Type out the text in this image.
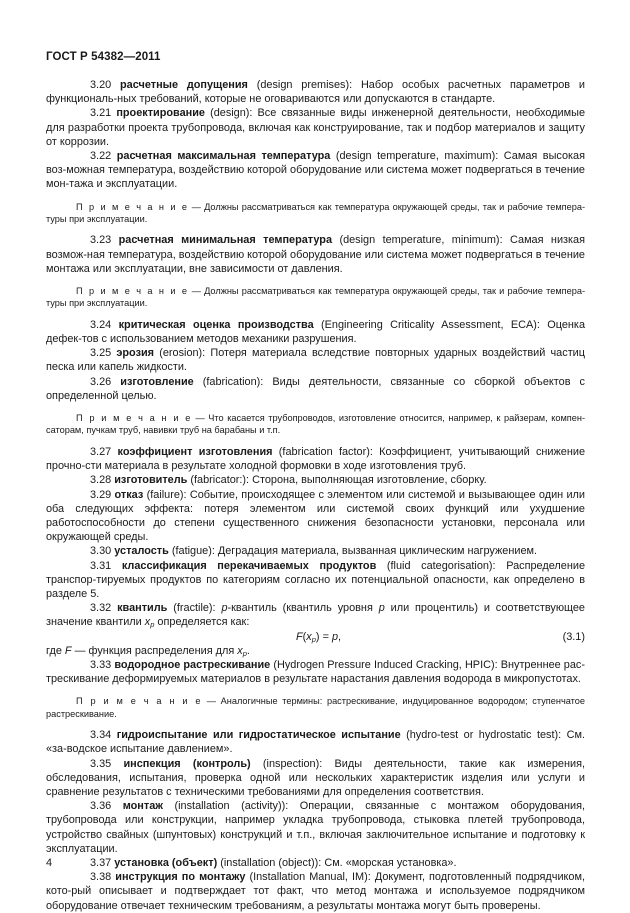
ГОСТ Р 54382—2011

3.20 расчетные допущения (design premises): Набор особых расчетных параметров и функциональ-ных требований, которые не оговариваются или допускаются в стандарте.

3.21 проектирование (design): Все связанные виды инженерной деятельности, необходимые для разработки проекта трубопровода, включая как конструирование, так и подбор материалов и защиту от коррозии.

3.22 расчетная максимальная температура (design temperature, maximum): Самая высокая воз-можная температура, воздействию которой оборудование или система может подвергаться в течение мон-тажа и эксплуатации.

П р и м е ч а н и е — Должны рассматриваться как температура окружающей среды, так и рабочие темпера-туры при эксплуатации.

3.23 расчетная минимальная температура (design temperature, minimum): Самая низкая возмож-ная температура, воздействию которой оборудование или система может подвергаться в течение монтажа или эксплуатации, вне зависимости от давления.

П р и м е ч а н и е — Должны рассматриваться как температура окружающей среды, так и рабочие темпера-туры при эксплуатации.

3.24 критическая оценка производства (Engineering Criticality Assessment, ECA): Оценка дефек-тов с использованием методов механики разрушения.

3.25 эрозия (erosion): Потеря материала вследствие повторных ударных воздействий частиц песка или капель жидкости.

3.26 изготовление (fabrication): Виды деятельности, связанные со сборкой объектов с определенной целью.

П р и м е ч а н и е — Что касается трубопроводов, изготовление относится, например, к райзерам, компен-саторам, пучкам труб, навивки труб на барабаны и т.п.

3.27 коэффициент изготовления (fabrication factor): Коэффициент, учитывающий снижение прочно-сти материала в результате холодной формовки в ходе изготовления труб.

3.28 изготовитель (fabricator:): Сторона, выполняющая изготовление, сборку.

3.29 отказ (failure): Событие, происходящее с элементом или системой и вызывающее один или оба следующих эффекта: потеря элементом или системой своих функций или ухудшение работоспособности до степени существенного снижения безопасности установки, персонала или окружающей среды.

3.30 усталость (fatigue): Деградация материала, вызванная циклическим нагружением.

3.31 классификация перекачиваемых продуктов (fluid categorisation): Распределение транспор-тируемых продуктов по категориям согласно их потенциальной опасности, как определено в разделе 5.

3.32 квантиль (fractile): p-квантиль (квантиль уровня p или процентиль) и соответствующее значение квантили $x_p$ определяется как:

$F(x_p) = p$,	(3.1)

где F — функция распределения для $x_p$.

3.33 водородное растрескивание (Hydrogen Pressure Induced Cracking, HPIC): Внутреннее рас-трескивание деформируемых материалов в результате нарастания давления водорода в микропустотах.

П р и м е ч а н и е — Аналогичные термины: растрескивание, индуцированное водородом; ступенчатое растрескивание.

3.34 гидроиспытание или гидростатическое испытание (hydro-test or hydrostatic test): См. «за-водское испытание давлением».

3.35 инспекция (контроль) (inspection): Виды деятельности, такие как измерения, обследования, испытания, проверка одной или нескольких характеристик изделия или услуги и сравнение результатов с техническими требованиями для определения соответствия.

3.36 монтаж (installation (activity)): Операции, связанные с монтажом оборудования, трубопровода или конструкции, например укладка трубопровода, стыковка плетей трубопровода, устройство свайных (шпунтовых) конструкций и т.п., включая заключительное испытание и подготовку к эксплуатации.

3.37 установка (объект) (installation (object)): См. «морская установка».

3.38 инструкция по монтажу (Installation Manual, IM): Документ, подготовленный подрядчиком, кото-рый описывает и подтверждает тот факт, что метод монтажа и используемое подрядчиком оборудование отвечает техническим требованиям, а результаты монтажа могут быть проверены.

4
